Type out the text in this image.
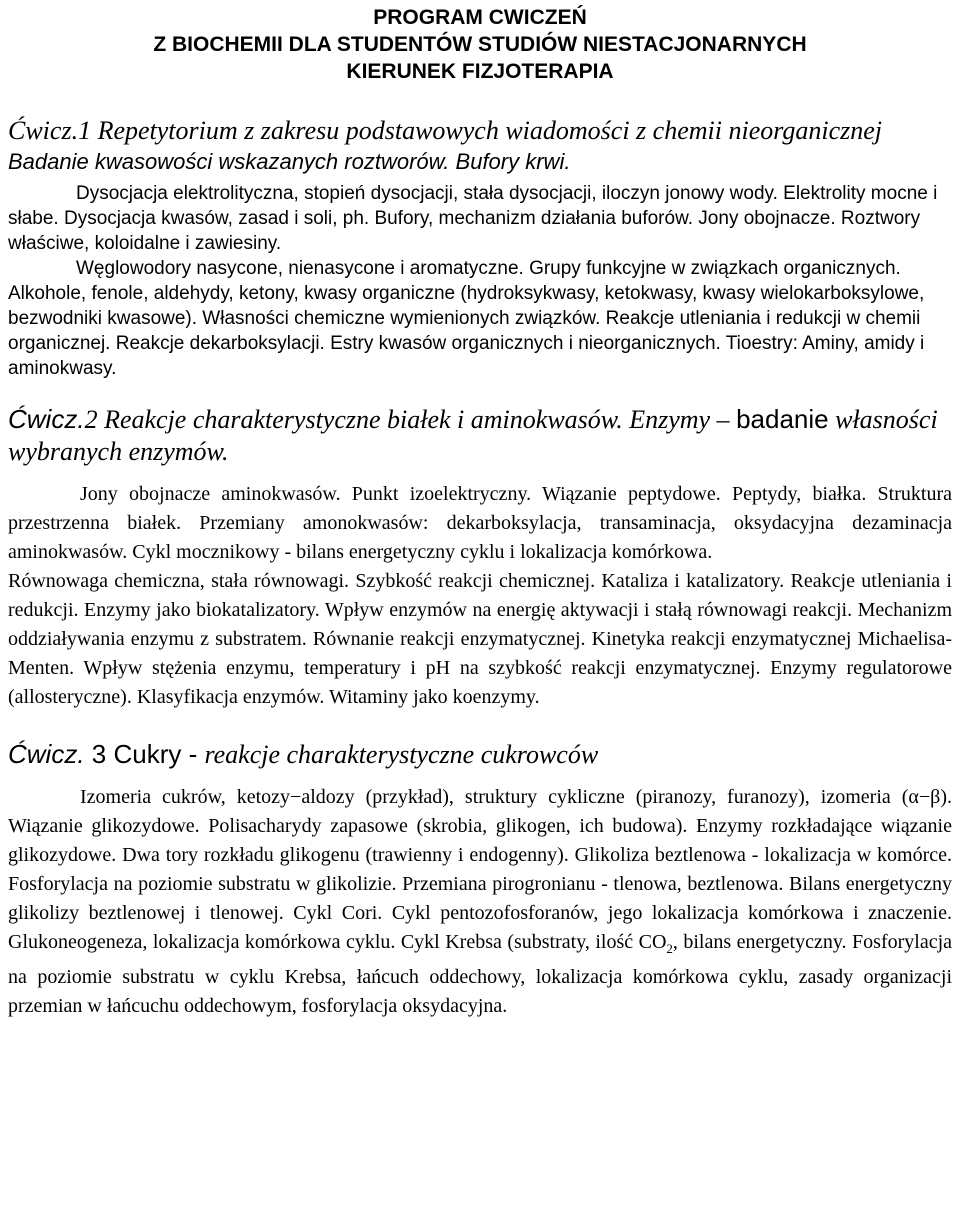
PROGRAM CWICZEŃ
Z BIOCHEMII DLA STUDENTÓW STUDIÓW NIESTACJONARNYCH
KIERUNEK FIZJOTERAPIA
Ćwicz.1 Repetytorium z zakresu podstawowych wiadomości z chemii nieorganicznej
Badanie kwasowości wskazanych roztworów. Bufory krwi.

Dysocjacja elektrolityczna, stopień dysocjacji, stała dysocjacji, iloczyn jonowy wody. Elektrolity mocne i słabe. Dysocjacja kwasów, zasad i soli, ph. Bufory, mechanizm działania buforów. Jony obojnacze. Roztwory właściwe, koloidalne i zawiesiny.

Węglowodory nasycone, nienasycone i aromatyczne. Grupy funkcyjne w związkach organicznych. Alkohole, fenole, aldehydy, ketony, kwasy organiczne (hydroksykwasy, ketokwasy, kwasy wielokarboksylowe, bezwodniki kwasowe). Własności chemiczne wymienionych związków. Reakcje utleniania i redukcji w chemii organicznej. Reakcje dekarboksylacji. Estry kwasów organicznych i nieorganicznych. Tioestry: Aminy, amidy i aminokwasy.

Ćwicz.2 Reakcje charakterystyczne białek i aminokwasów. Enzymy – badanie własności wybranych enzymów.

Jony obojnacze aminokwasów. Punkt izoelektryczny. Wiązanie peptydowe. Peptydy, białka. Struktura przestrzenna białek. Przemiany amonokwasów: dekarboksylacja, transaminacja, oksydacyjna dezaminacja aminokwasów. Cykl mocznikowy - bilans energetyczny cyklu i lokalizacja komórkowa.

Równowaga chemiczna, stała równowagi. Szybkość reakcji chemicznej. Kataliza i katalizatory. Reakcje utleniania i redukcji. Enzymy jako biokatalizatory. Wpływ enzymów na energię aktywacji i stałą równowagi reakcji. Mechanizm oddziaływania enzymu z substratem. Równanie reakcji enzymatycznej. Kinetyka reakcji enzymatycznej Michaelisa-Menten. Wpływ stężenia enzymu, temperatury i pH na szybkość reakcji enzymatycznej. Enzymy regulatorowe (allosteryczne). Klasyfikacja enzymów. Witaminy jako koenzymy.

Ćwicz. 3 Cukry - reakcje charakterystyczne cukrowców

Izomeria cukrów, ketozy−aldozy (przykład), struktury cykliczne (piranozy, furanozy), izomeria (α−β). Wiązanie glikozydowe. Polisacharydy zapasowe (skrobia, glikogen, ich budowa). Enzymy rozkładające wiązanie glikozydowe. Dwa tory rozkładu glikogenu (trawienny i endogenny). Glikoliza beztlenowa - lokalizacja w komórce. Fosforylacja na poziomie substratu w glikolizie. Przemiana pirogronianu - tlenowa, beztlenowa. Bilans energetyczny glikolizy beztlenowej i tlenowej. Cykl Cori. Cykl pentozofosforanów, jego lokalizacja komórkowa i znaczenie. Glukoneogeneza, lokalizacja komórkowa cyklu. Cykl Krebsa (substraty, ilość $CO_2$, bilans energetyczny. Fosforylacja na poziomie substratu w cyklu Krebsa, łańcuch oddechowy, lokalizacja komórkowa cyklu, zasady organizacji przemian w łańcuchu oddechowym, fosforylacja oksydacyjna.
